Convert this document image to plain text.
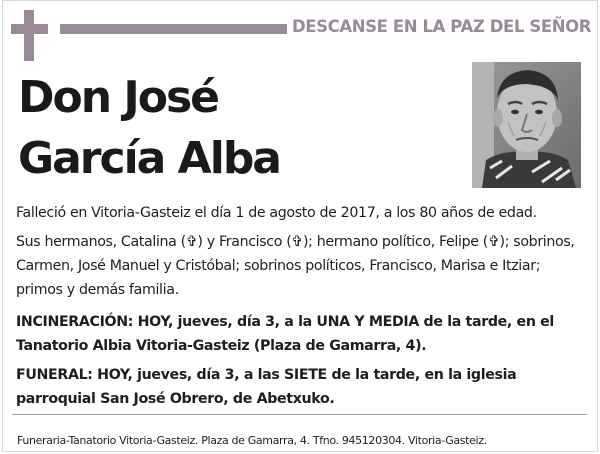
DESCANSE EN LA PAZ DEL SEÑOR
Don José
García Alba
Falleció en Vitoria-Gasteiz el día 1 de agosto de 2017, a los 80 años de edad.
Sus hermanos, Catalina (✞) y Francisco (✞); hermano político, Felipe (✞); sobrinos, Carmen, José Manuel y Cristóbal; sobrinos políticos, Francisco, Marisa e Itziar; primos y demás familia.
INCINERACIÓN: HOY, jueves, día 3, a la UNA Y MEDIA de la tarde, en el Tanatorio Albia Vitoria-Gasteiz (Plaza de Gamarra, 4).
FUNERAL: HOY, jueves, día 3, a las SIETE de la tarde, en la iglesia parroquial San José Obrero, de Abetxuko.
Funeraria-Tanatorio Vitoria-Gasteiz. Plaza de Gamarra, 4. Tfno. 945120304. Vitoria-Gasteiz.
